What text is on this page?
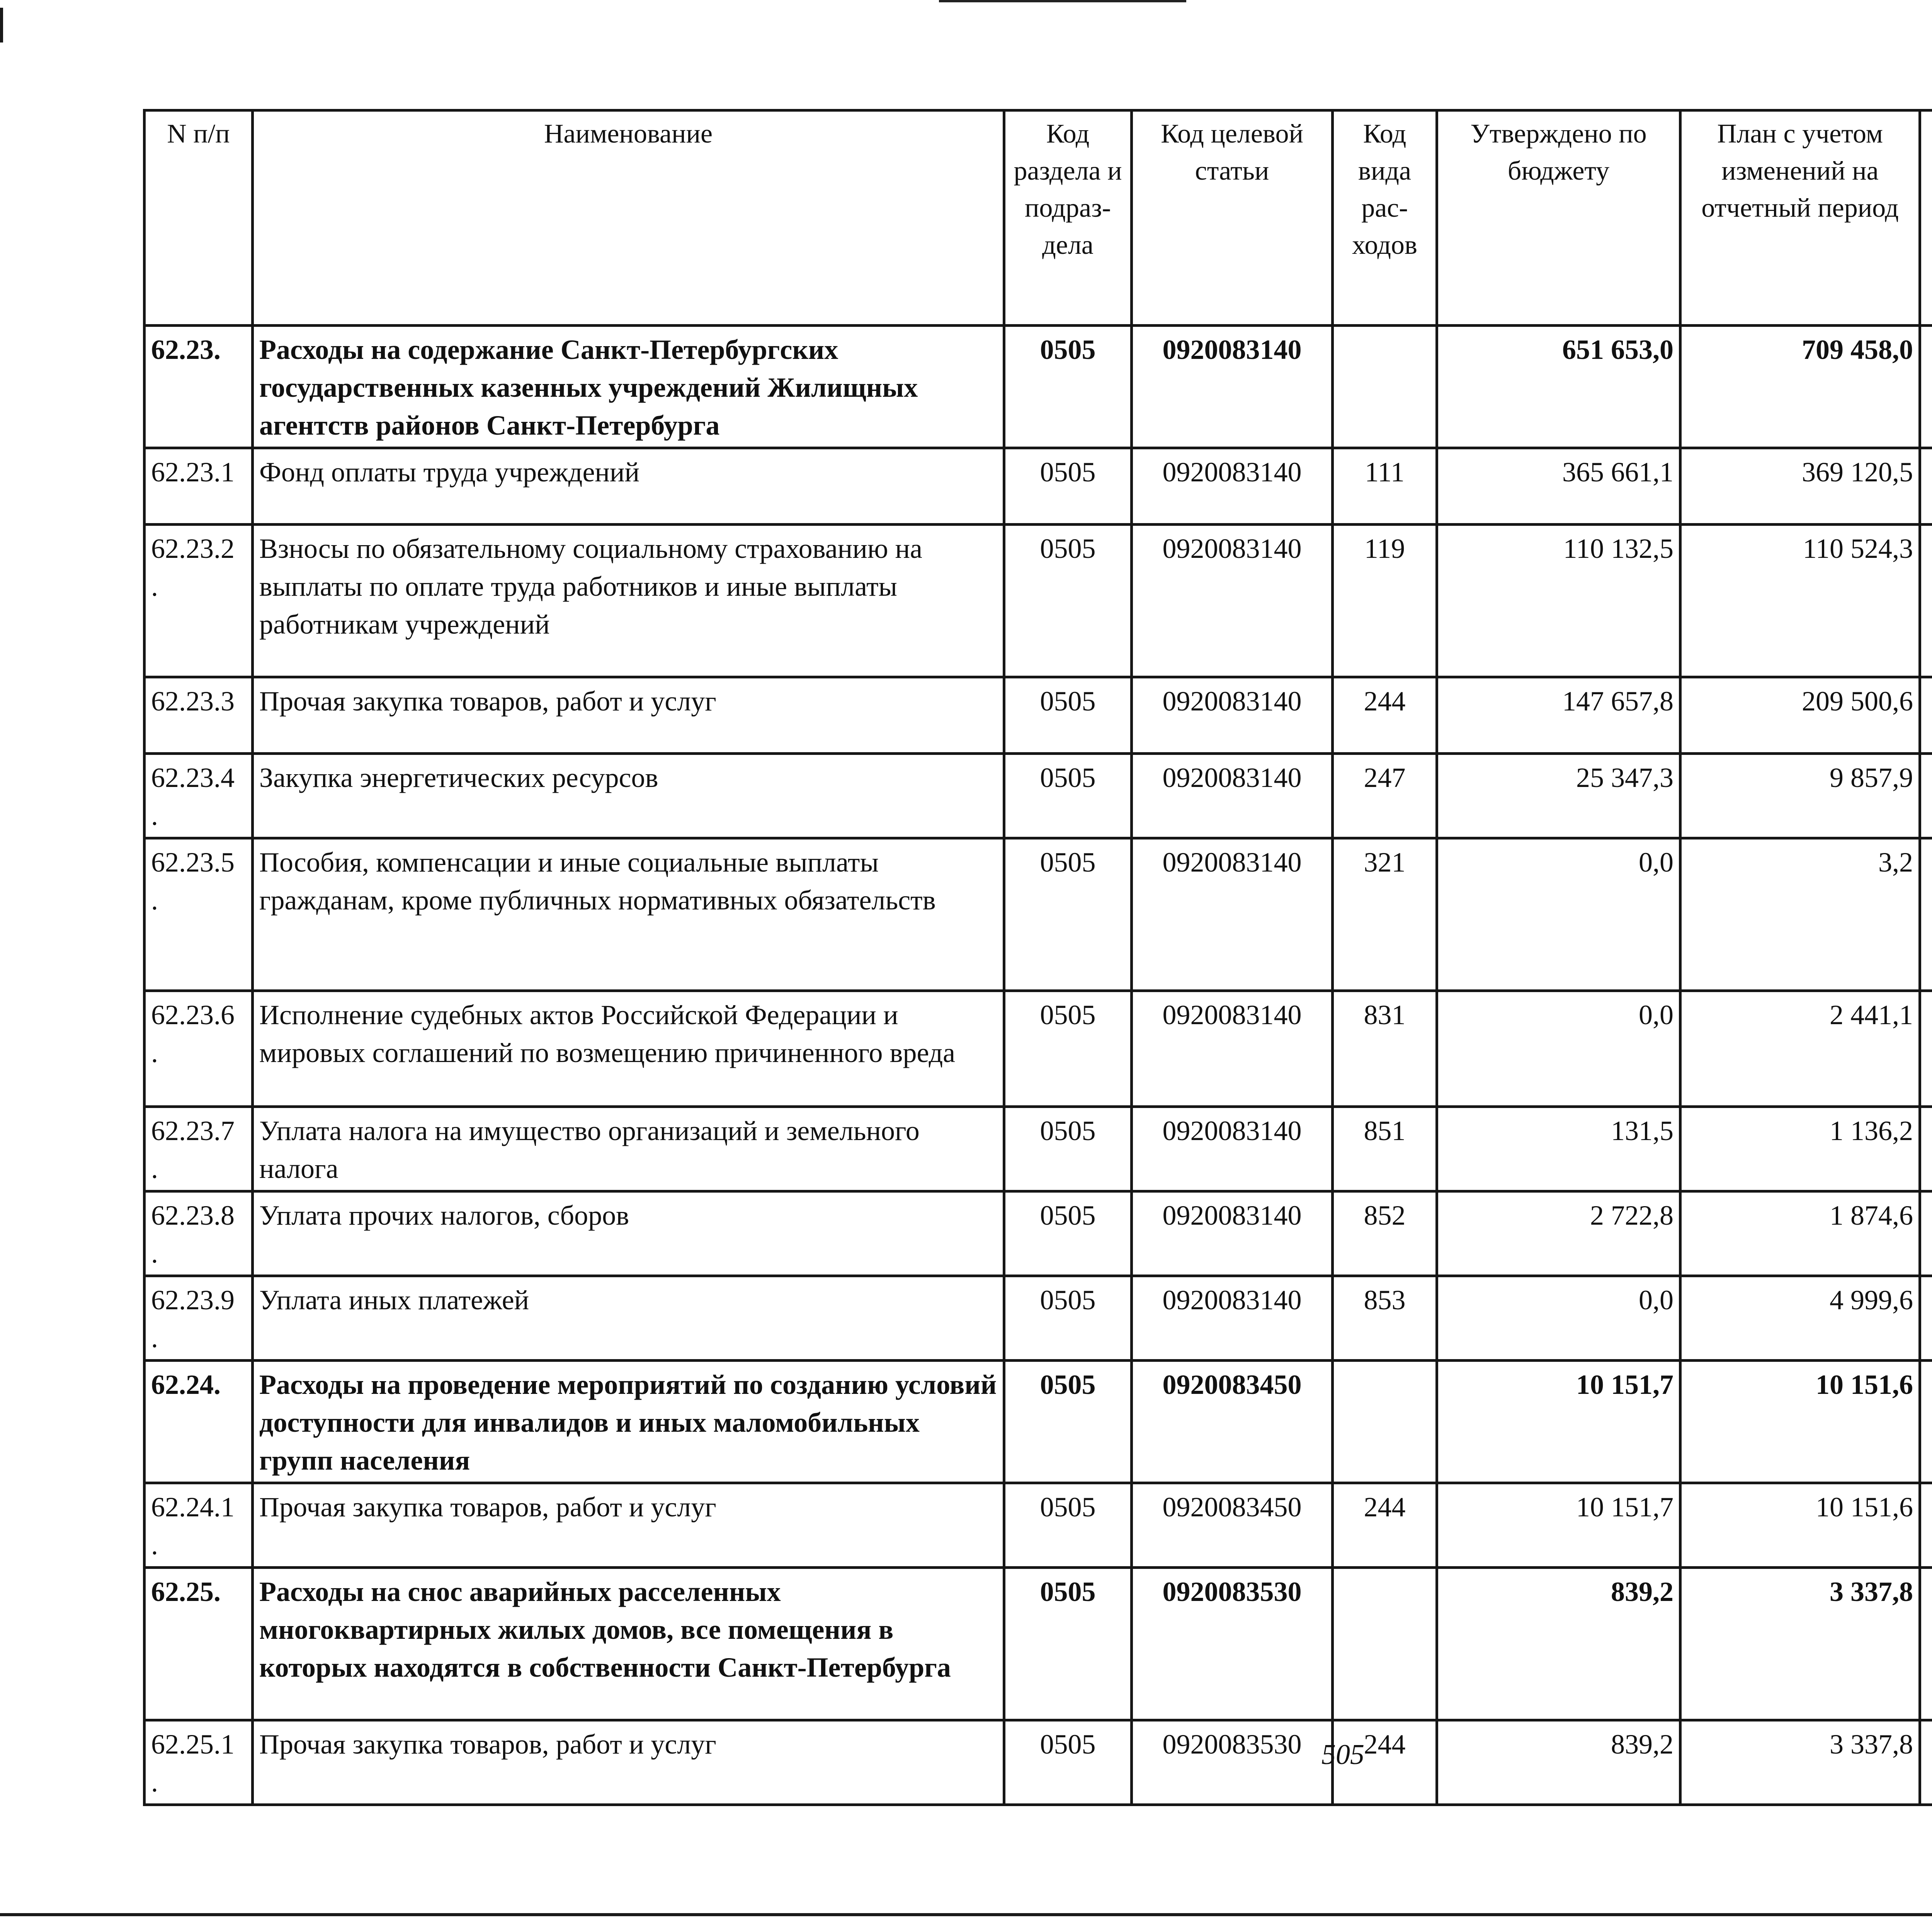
N п/п	Наименование	Код раздела и подраз-дела	Код целевой статьи	Код вида рас-ходов	Утверждено по бюджету	План с учетом изменений на отчетный период		

62.23.	Расходы на содержание Санкт-Петербургских государственных казенных учреждений Жилищных агентств районов Санкт-Петербурга	0505	0920083140		651 653,0	709 458,0			
62.23.1	Фонд оплаты труда учреждений	0505	0920083140	111	365 661,1	369 120,5			
62.23.2 .	Взносы по обязательному социальному страхованию на выплаты по оплате труда работников и иные выплаты работникам учреждений	0505	0920083140	119	110 132,5	110 524,3			
62.23.3	Прочая закупка товаров, работ и услуг	0505	0920083140	244	147 657,8	209 500,6			
62.23.4 .	Закупка энергетических ресурсов	0505	0920083140	247	25 347,3	9 857,9			
62.23.5 .	Пособия, компенсации и иные социальные выплаты гражданам, кроме публичных нормативных обязательств	0505	0920083140	321	0,0	3,2			
62.23.6 .	Исполнение судебных актов Российской Федерации и мировых соглашений по возмещению причиненного вреда	0505	0920083140	831	0,0	2 441,1			
62.23.7 .	Уплата налога на имущество организаций и земельного налога	0505	0920083140	851	131,5	1 136,2			
62.23.8 .	Уплата прочих налогов, сборов	0505	0920083140	852	2 722,8	1 874,6			
62.23.9 .	Уплата иных платежей	0505	0920083140	853	0,0	4 999,6			
62.24.	Расходы на проведение мероприятий по созданию условий доступности для инвалидов и иных маломобильных групп населения	0505	0920083450		10 151,7	10 151,6			
62.24.1 .	Прочая закупка товаров, работ и услуг	0505	0920083450	244	10 151,7	10 151,6			
62.25.	Расходы на снос аварийных расселенных многоквартирных жилых домов, все помещения в которых находятся в собственности Санкт-Петербурга	0505	0920083530		839,2	3 337,8			
62.25.1 .	Прочая закупка товаров, работ и услуг	0505	0920083530	244	839,2	3 337,8			
505
